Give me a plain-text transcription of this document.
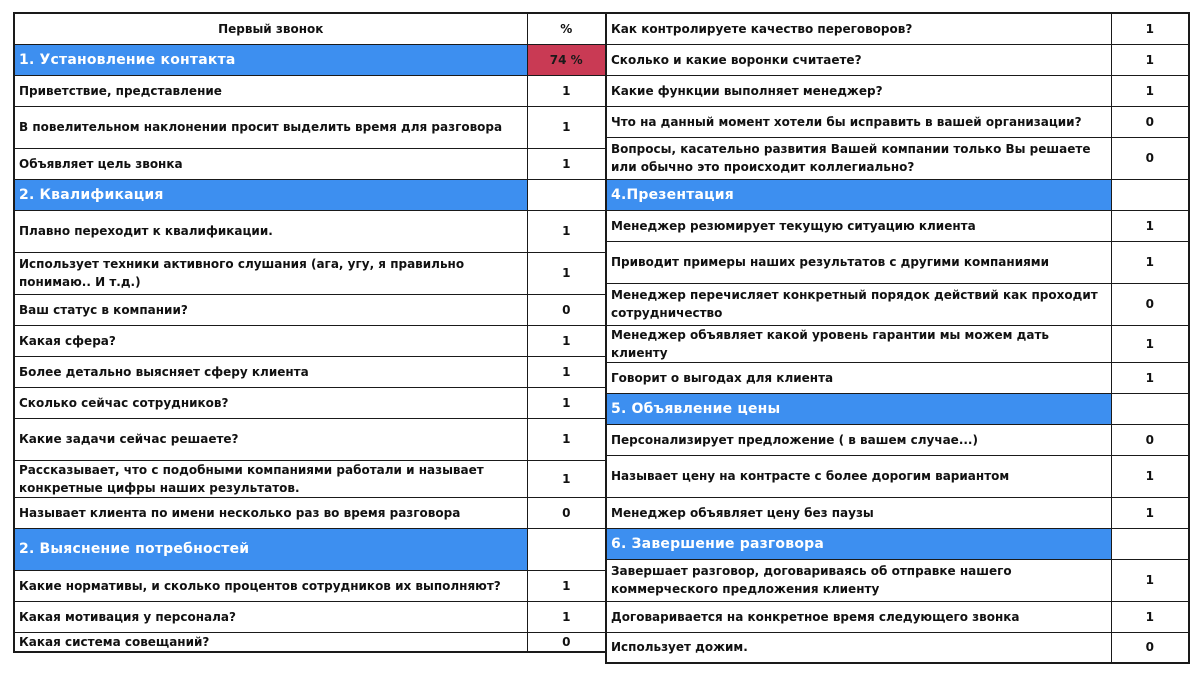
Первый звонок	%
1. Установление контакта	74 %
Приветствие, представление	1
В повелительном наклонении просит выделить время для разговора	1
Объявляет цель звонка	1
2. Квалификация	
Плавно переходит к квалификации.	1
Использует техники активного слушания (ага, угу, я правильно понимаю.. И т.д.)	1
Ваш статус в компании?	0
Какая сфера?	1
Более детально выясняет сферу клиента	1
Сколько сейчас сотрудников?	1
Какие задачи сейчас решаете?	1
Рассказывает, что с подобными компаниями работали и называет конкретные цифры наших результатов.	1
Называет клиента по имени несколько раз во время разговора	0
2. Выяснение потребностей	
Какие нормативы, и сколько процентов сотрудников их выполняют?	1
Какая мотивация у персонала?	1
Какая система совещаний?	0
Как контролируете качество переговоров?	1
Сколько и какие воронки считаете?	1
Какие функции выполняет менеджер?	1
Что на данный момент хотели бы исправить в вашей организации?	0
Вопросы, касательно развития Вашей компании только Вы решаете или обычно это происходит коллегиально?	0
4.Презентация	
Менеджер резюмирует текущую ситуацию клиента	1
Приводит примеры наших результатов с другими компаниями	1
Менеджер перечисляет конкретный порядок действий как проходит сотрудничество	0
Менеджер объявляет какой уровень гарантии мы можем дать клиенту	1
Говорит о выгодах для клиента	1
5. Объявление цены	
Персонализирует предложение ( в вашем случае...)	0
Называет цену на контрасте с более дорогим вариантом	1
Менеджер объявляет цену без паузы	1
6. Завершение разговора	
Завершает разговор, договариваясь об отправке нашего коммерческого предложения клиенту	1
Договаривается на конкретное время следующего звонка	1
Использует дожим.	0
